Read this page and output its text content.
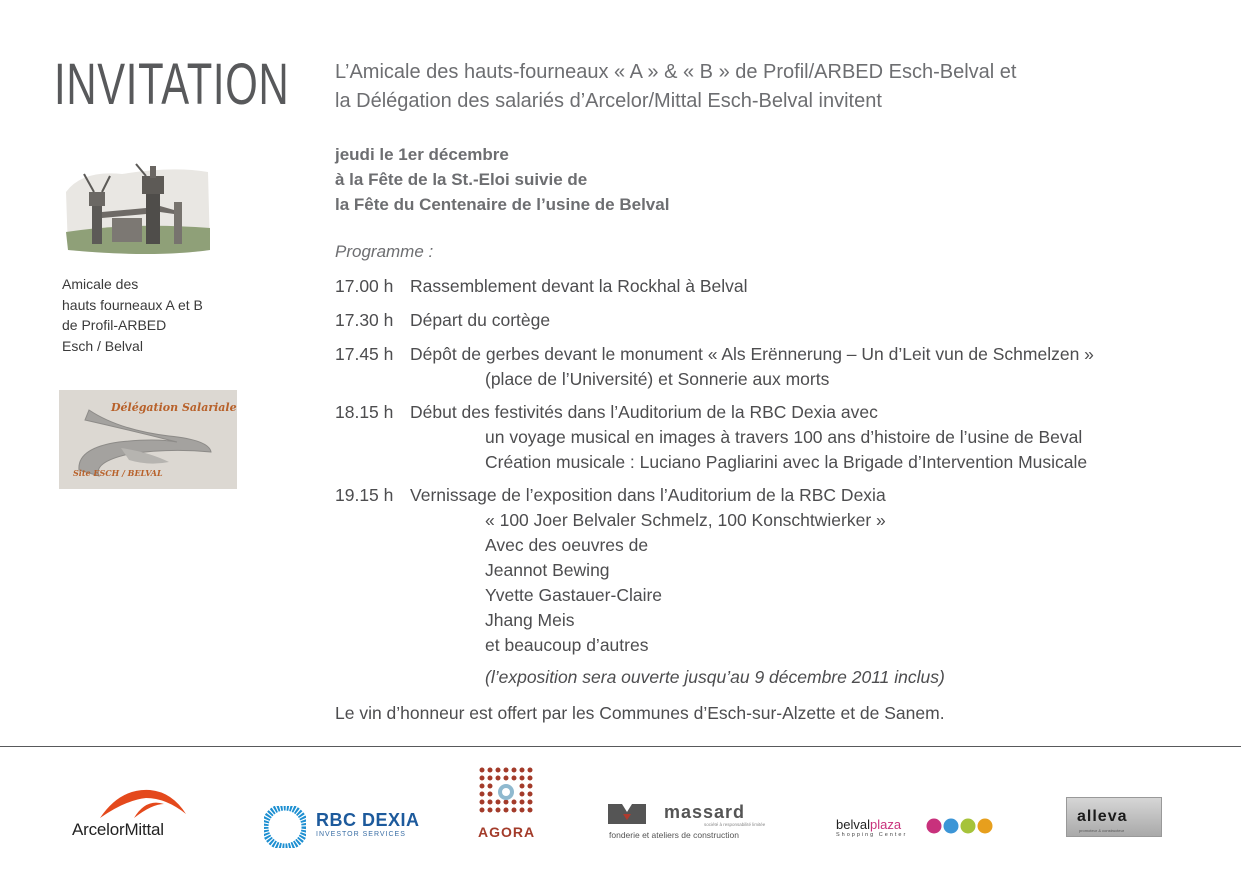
INVITATION
Amicale des
hauts fourneaux A et B
de Profil-ARBED
Esch / Belval
Délégation Salariale
Site ESCH / BELVAL
L’Amicale des hauts-fourneaux « A » & « B » de Profil/ARBED Esch-Belval et
la Délégation des salariés d’Arcelor/Mittal Esch-Belval invitent
jeudi le 1er décembre
à la Fête de la St.-Eloi suivie de
la Fête du Centenaire de l’usine de Belval
Programme :
17.00 h Rassemblement devant la Rockhal à Belval
17.30 h Départ du cortège
17.45 h Dépôt de gerbes devant le monument « Als Erënnerung – Un d’Leit vun de Schmelzen »
(place de l’Université) et Sonnerie aux morts
18.15 h Début des festivités dans l’Auditorium de la RBC Dexia avec
un voyage musical en images à travers 100 ans d’histoire de l’usine de Beval
Création musicale : Luciano Pagliarini avec la Brigade d’Intervention Musicale
19.15 h Vernissage de l’exposition dans l’Auditorium de la RBC Dexia
« 100 Joer Belvaler Schmelz, 100 Konschtwierker »
Avec des oeuvres de
Jeannot Bewing
Yvette Gastauer-Claire
Jhang Meis
et beaucoup d’autres
(l’exposition sera ouverte jusqu’au 9 décembre 2011 inclus)
Le vin d’honneur est offert par les Communes d’Esch-sur-Alzette et de Sanem.
ArcelorMittal	RBC DEXIA
INVESTOR SERVICES	AGORA
massard
société à responsabilité limitée
fonderie et ateliers de construction
belvalplaza
Shopping Center
alleva
promoteur & constructeur
